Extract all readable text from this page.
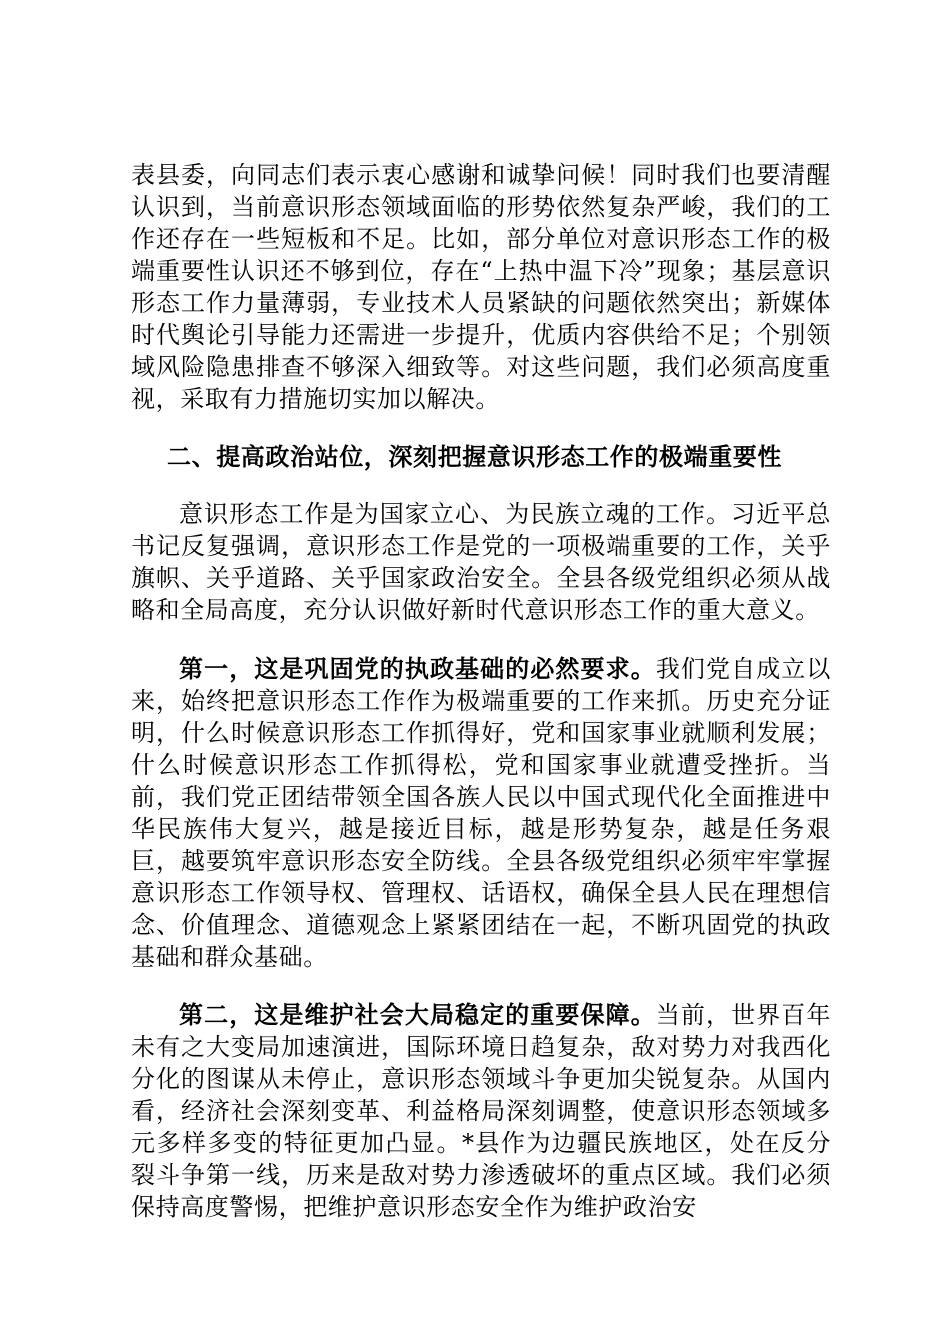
表县委，向同志们表示衷心感谢和诚挚问候！同时我们也要清醒认识到，当前意识形态领域面临的形势依然复杂严峻，我们的工作还存在一些短板和不足。比如，部分单位对意识形态工作的极端重要性认识还不够到位，存在“上热中温下冷”现象；基层意识形态工作力量薄弱，专业技术人员紧缺的问题依然突出；新媒体时代舆论引导能力还需进一步提升，优质内容供给不足；个别领域风险隐患排查不够深入细致等。对这些问题，我们必须高度重视，采取有力措施切实加以解决。

二、提高政治站位，深刻把握意识形态工作的极端重要性

意识形态工作是为国家立心、为民族立魂的工作。习近平总书记反复强调，意识形态工作是党的一项极端重要的工作，关乎旗帜、关乎道路、关乎国家政治安全。全县各级党组织必须从战略和全局高度，充分认识做好新时代意识形态工作的重大意义。

第一，这是巩固党的执政基础的必然要求。我们党自成立以来，始终把意识形态工作作为极端重要的工作来抓。历史充分证明，什么时候意识形态工作抓得好，党和国家事业就顺利发展；什么时候意识形态工作抓得松，党和国家事业就遭受挫折。当前，我们党正团结带领全国各族人民以中国式现代化全面推进中华民族伟大复兴，越是接近目标，越是形势复杂，越是任务艰巨，越要筑牢意识形态安全防线。全县各级党组织必须牢牢掌握意识形态工作领导权、管理权、话语权，确保全县人民在理想信念、价值理念、道德观念上紧紧团结在一起，不断巩固党的执政基础和群众基础。

第二，这是维护社会大局稳定的重要保障。当前，世界百年未有之大变局加速演进，国际环境日趋复杂，敌对势力对我西化分化的图谋从未停止，意识形态领域斗争更加尖锐复杂。从国内看，经济社会深刻变革、利益格局深刻调整，使意识形态领域多元多样多变的特征更加凸显。*县作为边疆民族地区，处在反分裂斗争第一线，历来是敌对势力渗透破坏的重点区域。我们必须保持高度警惕，把维护意识形态安全作为维护政治安
